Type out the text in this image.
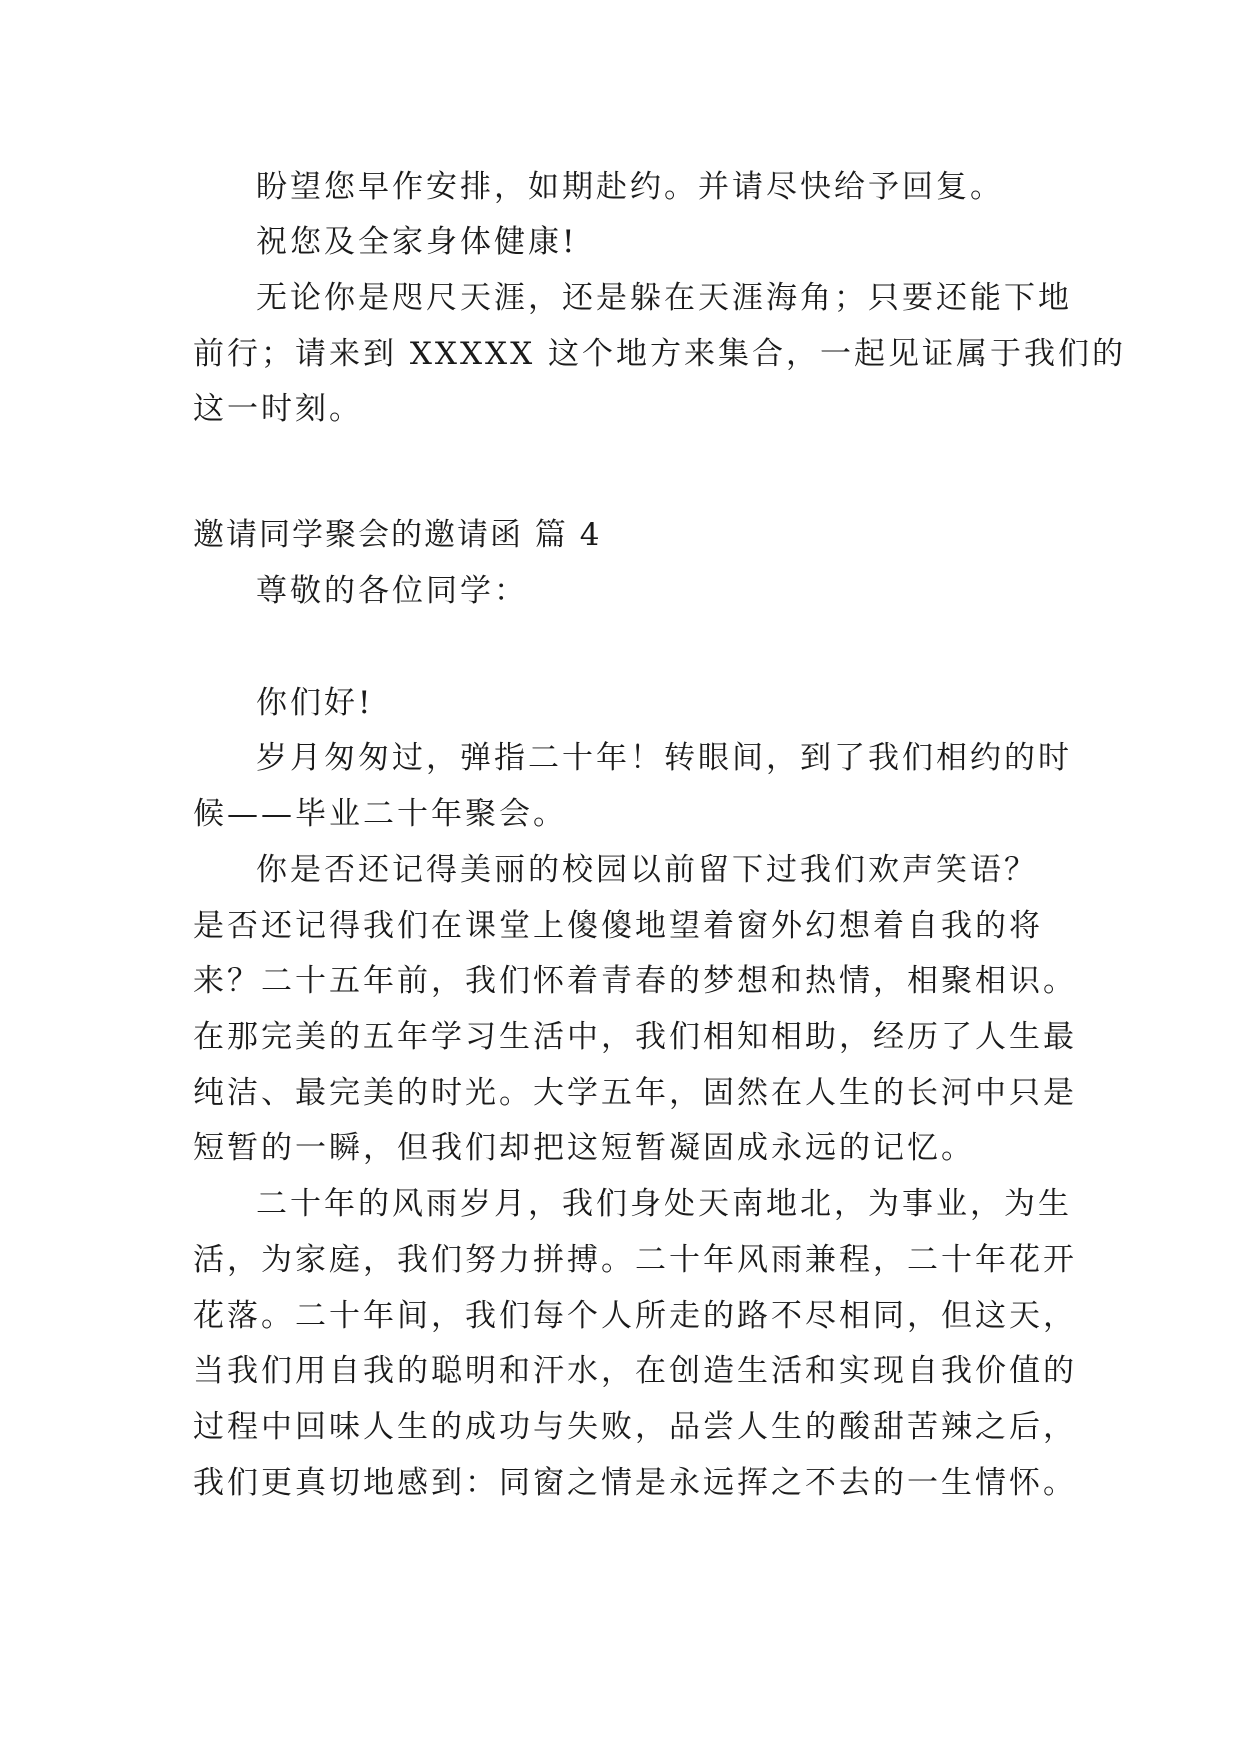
盼望您早作安排，如期赴约。并请尽快给予回复。
祝您及全家身体健康!
无论你是咫尺天涯，还是躲在天涯海角；只要还能下地
前行；请来到 XXXXX 这个地方来集合，一起见证属于我们的
这一时刻。
邀请同学聚会的邀请函 篇 4
尊敬的各位同学：
你们好!
岁月匆匆过，弹指二十年！转眼间，到了我们相约的时
候——毕业二十年聚会。
你是否还记得美丽的校园以前留下过我们欢声笑语？
是否还记得我们在课堂上傻傻地望着窗外幻想着自我的将
来？二十五年前，我们怀着青春的梦想和热情，相聚相识。
在那完美的五年学习生活中，我们相知相助，经历了人生最
纯洁、最完美的时光。大学五年，固然在人生的长河中只是
短暂的一瞬，但我们却把这短暂凝固成永远的记忆。
二十年的风雨岁月，我们身处天南地北，为事业，为生
活，为家庭，我们努力拼搏。二十年风雨兼程，二十年花开
花落。二十年间，我们每个人所走的路不尽相同，但这天，
当我们用自我的聪明和汗水，在创造生活和实现自我价值的
过程中回味人生的成功与失败，品尝人生的酸甜苦辣之后，
我们更真切地感到：同窗之情是永远挥之不去的一生情怀。
